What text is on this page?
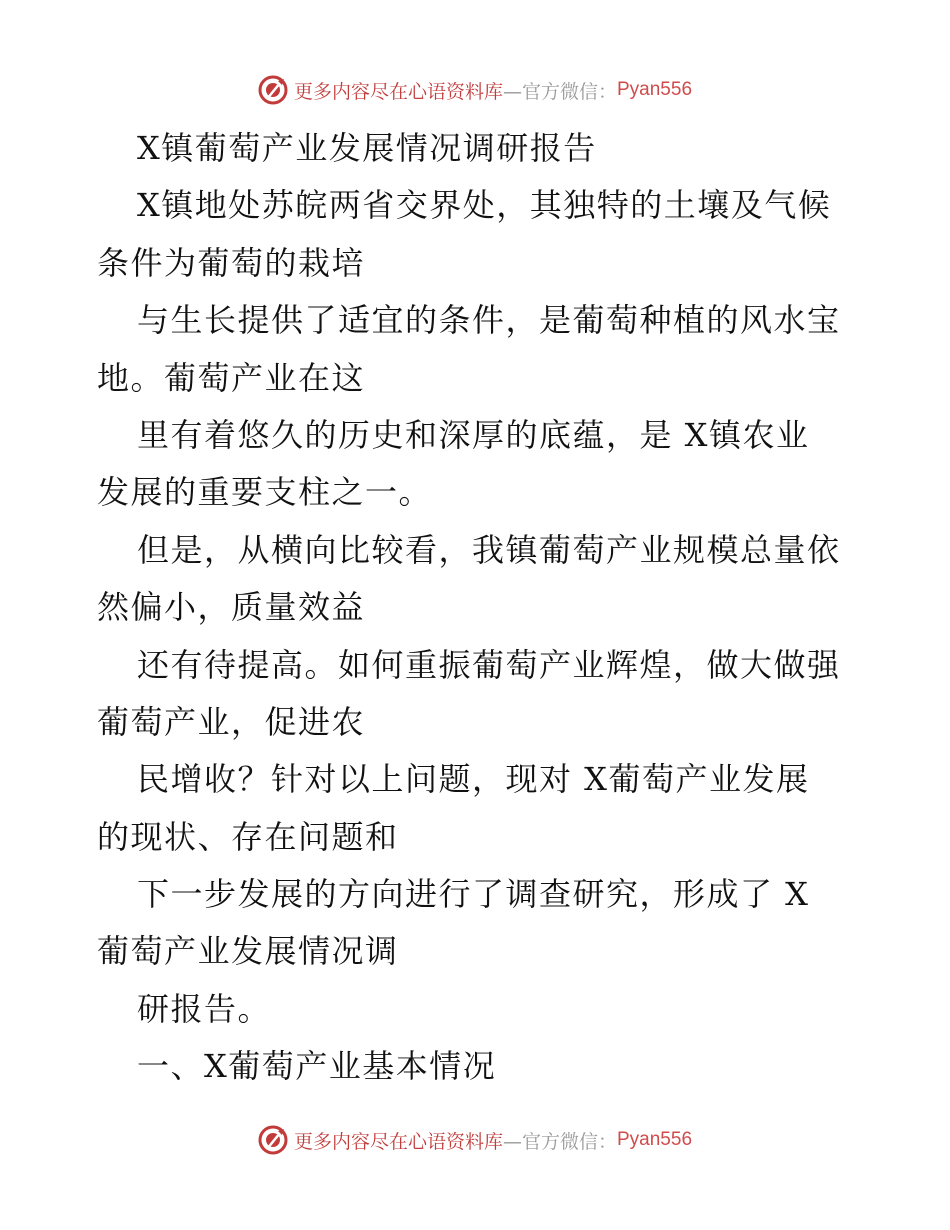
更多内容尽在心语资料库 —官方微信： Pyan556
X镇葡萄产业发展情况调研报告
X镇地处苏皖两省交界处，其独特的土壤及气候
条件为葡萄的栽培
与生长提供了适宜的条件，是葡萄种植的风水宝
地。葡萄产业在这
里有着悠久的历史和深厚的底蕴，是 X镇农业
发展的重要支柱之一。
但是，从横向比较看，我镇葡萄产业规模总量依
然偏小，质量效益
还有待提高。如何重振葡萄产业辉煌，做大做强
葡萄产业，促进农
民增收？针对以上问题，现对 X葡萄产业发展
的现状、存在问题和
下一步发展的方向进行了调查研究，形成了 X
葡萄产业发展情况调
研报告。
一、X葡萄产业基本情况
更多内容尽在心语资料库 —官方微信： Pyan556
